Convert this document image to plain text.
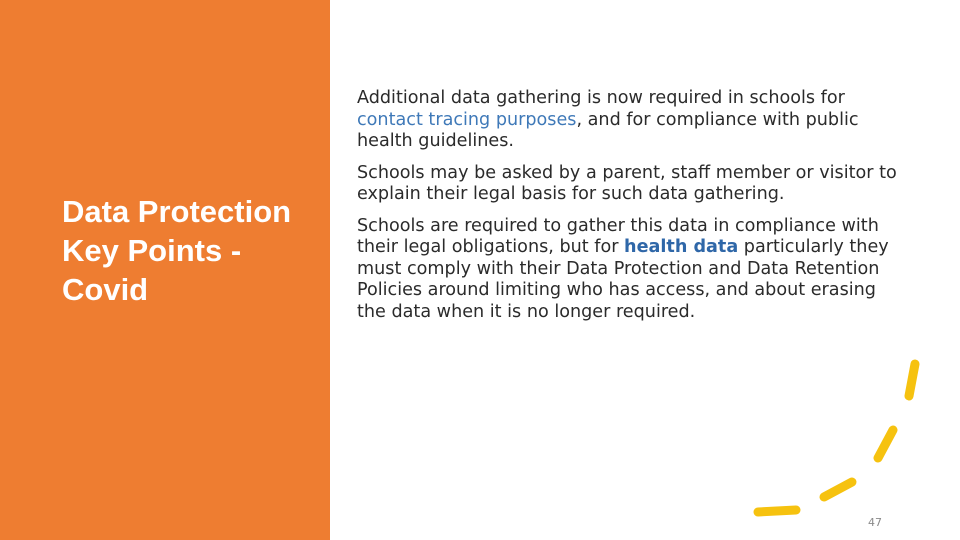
Data Protection Key Points - Covid

Additional data gathering is now required in schools for contact tracing purposes, and for compliance with public health guidelines.

Schools may be asked by a parent, staff member or visitor to explain their legal basis for such data gathering.

Schools are required to gather this data in compliance with their legal obligations, but for health data particularly they must comply with their Data Protection and Data Retention Policies around limiting who has access, and about erasing the data when it is no longer required.

47
